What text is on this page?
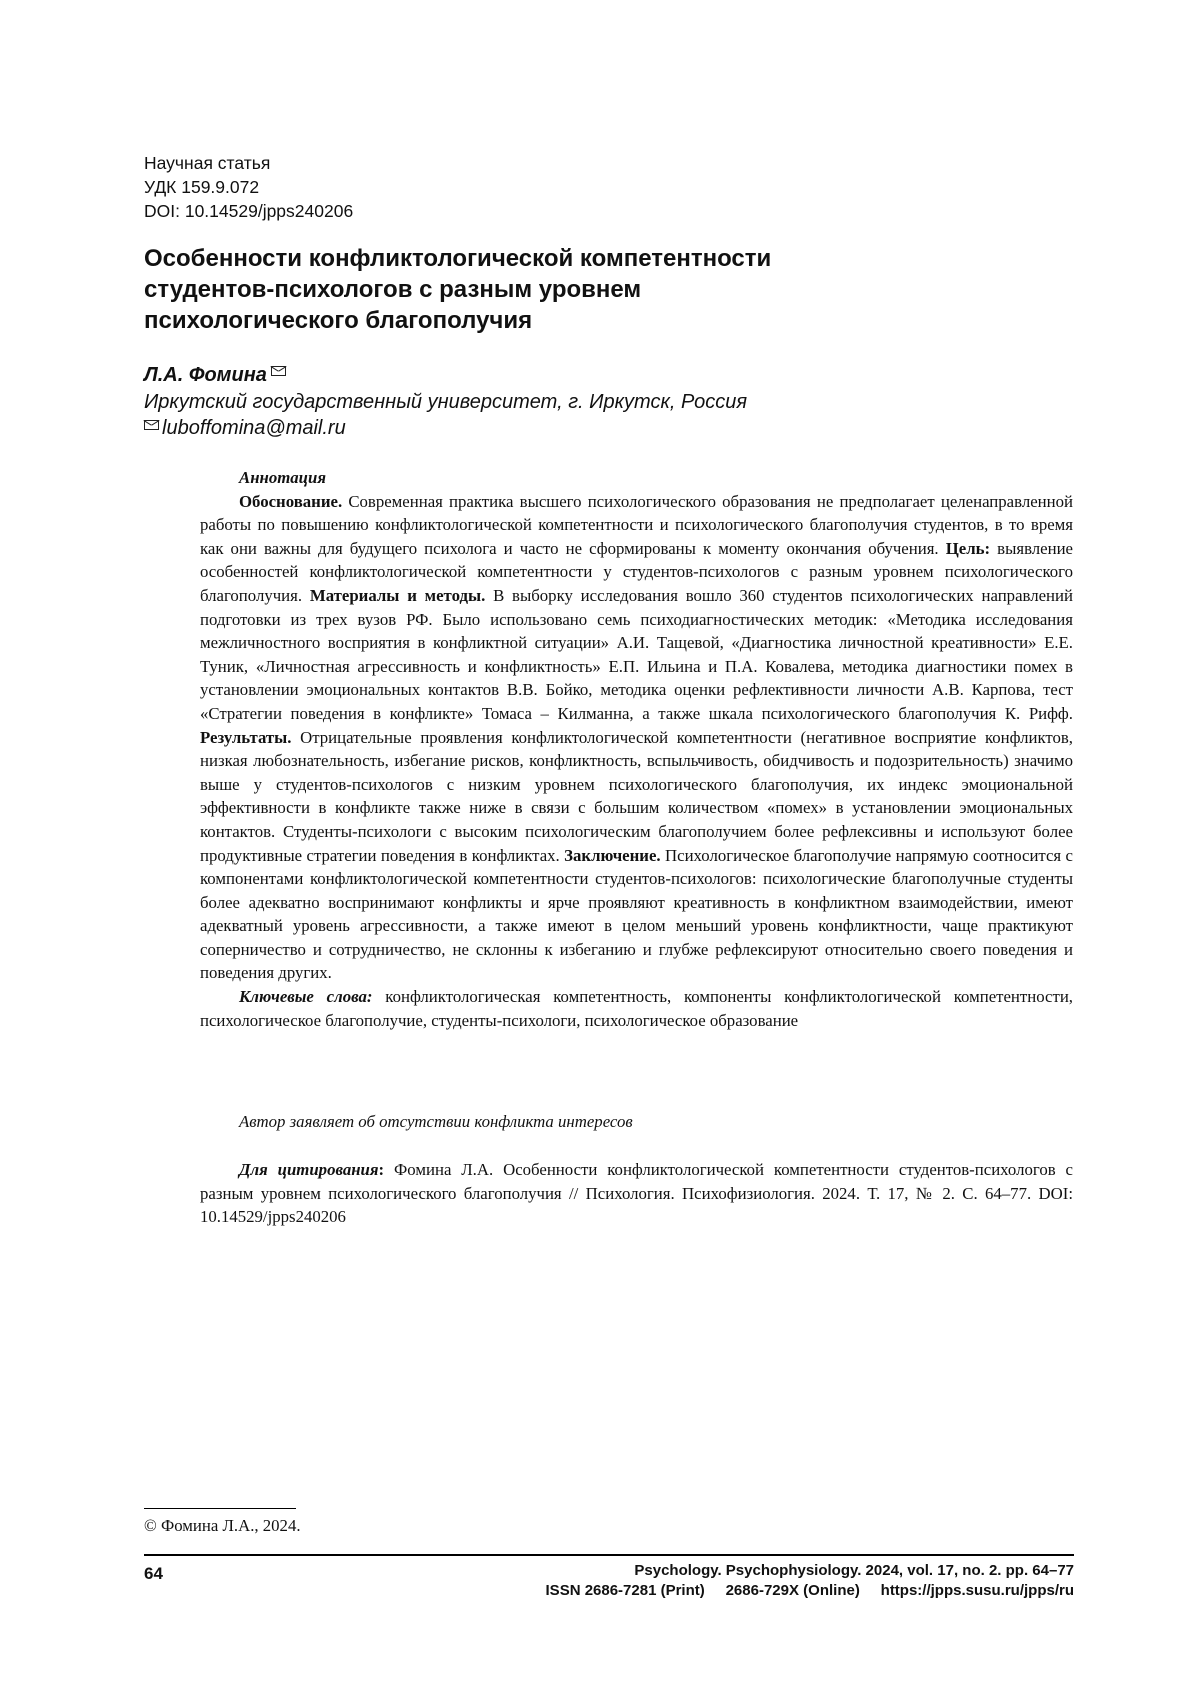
Научная статья
УДК 159.9.072
DOI: 10.14529/jpps240206
Особенности конфликтологической компетентности
студентов-психологов с разным уровнем
психологического благополучия
Л.А. Фомина
Иркутский государственный университет, г. Иркутск, Россия
luboffomina@mail.ru
Аннотация

Обоснование. Современная практика высшего психологического образования не предполагает целенаправленной работы по повышению конфликтологической компетентности и психологического благополучия студентов, в то время как они важны для будущего психолога и часто не сформированы к моменту окончания обучения. Цель: выявление особенностей конфликтологической компетентности у студентов-психологов с разным уровнем психологического благополучия. Материалы и методы. В выборку исследования вошло 360 студентов психологических направлений подготовки из трех вузов РФ. Было использовано семь психодиагностических методик: «Методика исследования межличностного восприятия в конфликтной ситуации» А.И. Тащевой, «Диагностика личностной креативности» Е.Е. Туник, «Личностная агрессивность и конфликтность» Е.П. Ильина и П.А. Ковалева, методика диагностики помех в установлении эмоциональных контактов В.В. Бойко, методика оценки рефлективности личности А.В. Карпова, тест «Стратегии поведения в конфликте» Томаса – Килманна, а также шкала психологического благополучия К. Рифф. Результаты. Отрицательные проявления конфликтологической компетентности (негативное восприятие конфликтов, низкая любознательность, избегание рисков, конфликтность, вспыльчивость, обидчивость и подозрительность) значимо выше у студентов-психологов с низким уровнем психологического благополучия, их индекс эмоциональной эффективности в конфликте также ниже в связи с большим количеством «помех» в установлении эмоциональных контактов. Студенты-психологи с высоким психологическим благополучием более рефлексивны и используют более продуктивные стратегии поведения в конфликтах. Заключение. Психологическое благополучие напрямую соотносится с компонентами конфликтологической компетентности студентов-психологов: психологические благополучные студенты более адекватно воспринимают конфликты и ярче проявляют креативность в конфликтном взаимодействии, имеют адекватный уровень агрессивности, а также имеют в целом меньший уровень конфликтности, чаще практикуют соперничество и сотрудничество, не склонны к избеганию и глубже рефлексируют относительно своего поведения и поведения других.

Ключевые слова: конфликтологическая компетентность, компоненты конфликтологической компетентности, психологическое благополучие, студенты-психологи, психологическое образование

Автор заявляет об отсутствии конфликта интересов

Для цитирования: Фомина Л.А. Особенности конфликтологической компетентности студентов-психологов с разным уровнем психологического благополучия // Психология. Психофизиология. 2024. Т. 17, № 2. С. 64–77. DOI: 10.14529/jpps240206

© Фомина Л.А., 2024.
64	Psychology. Psychophysiology. 2024, vol. 17, no. 2. pp. 64–77
ISSN 2686-7281 (Print)     2686-729X (Online)     https://jpps.susu.ru/jpps/ru
